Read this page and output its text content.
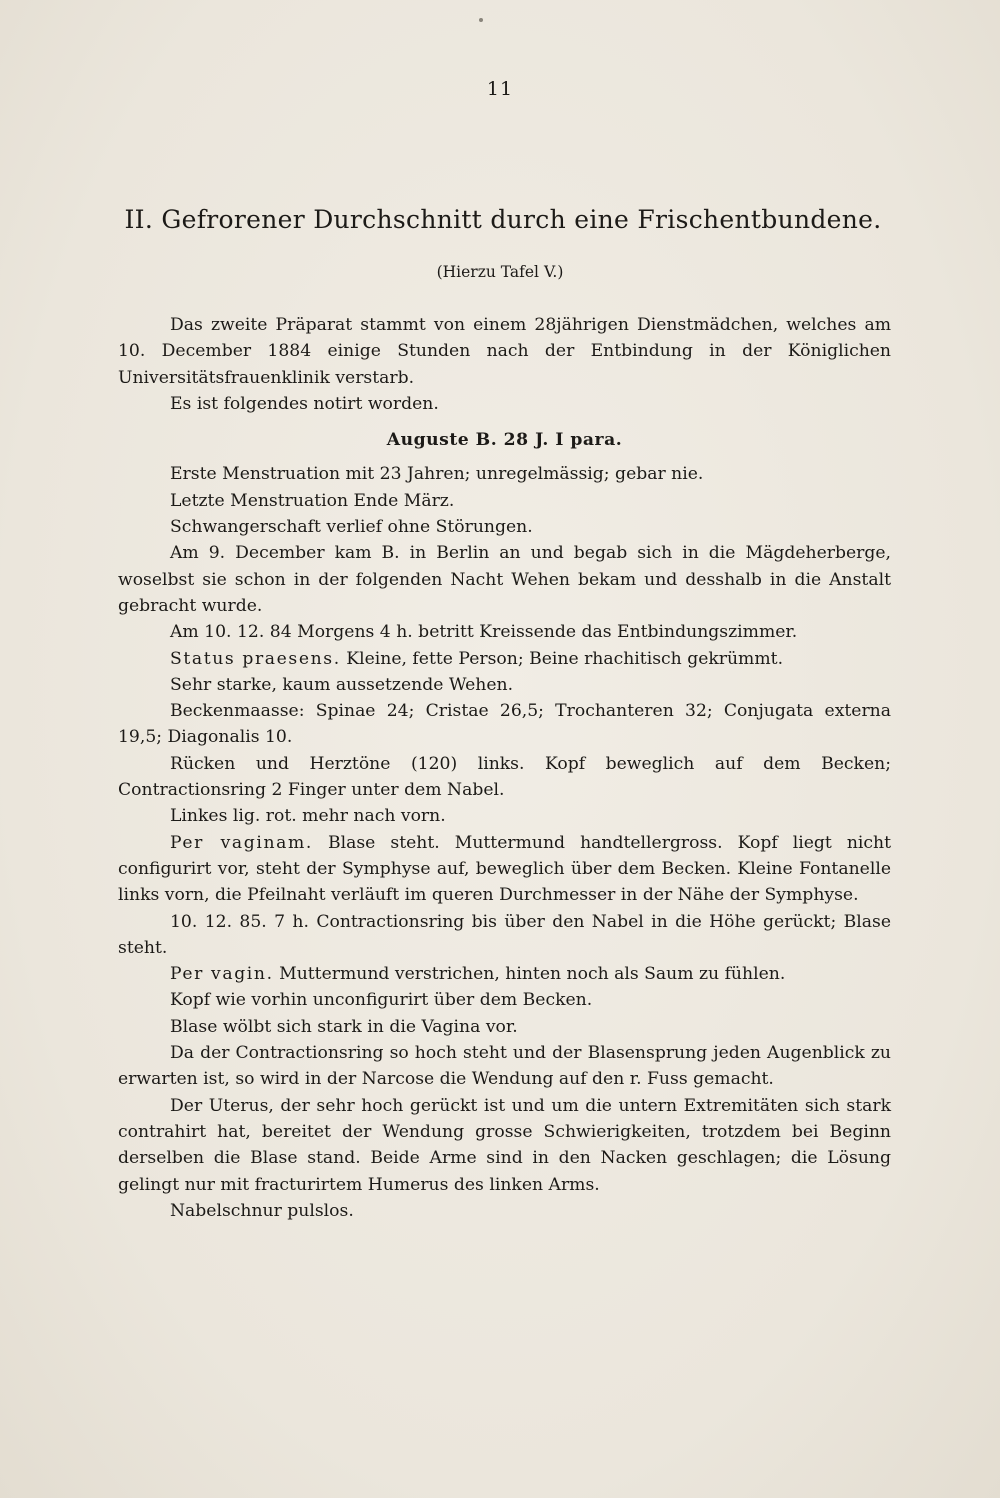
11
II. Gefrorener Durchschnitt durch eine Frischentbundene.
(Hierzu Tafel V.)

Das zweite Präparat stammt von einem 28jährigen Dienstmädchen, welches am 10. December 1884 einige Stunden nach der Entbindung in der Königlichen Universitätsfrauenklinik verstarb.

Es ist folgendes notirt worden.

Auguste B. 28 J. I para.

Erste Menstruation mit 23 Jahren; unregelmässig; gebar nie.

Letzte Menstruation Ende März.

Schwangerschaft verlief ohne Störungen.

Am 9. December kam B. in Berlin an und begab sich in die Mägdeherberge, woselbst sie schon in der folgenden Nacht Wehen bekam und desshalb in die Anstalt gebracht wurde.

Am 10. 12. 84 Morgens 4 h. betritt Kreissende das Entbindungszimmer.

Status praesens. Kleine, fette Person; Beine rhachitisch gekrümmt.

Sehr starke, kaum aussetzende Wehen.

Beckenmaasse: Spinae 24; Cristae 26,5; Trochanteren 32; Conjugata externa 19,5; Diagonalis 10.

Rücken und Herztöne (120) links. Kopf beweglich auf dem Becken; Contractionsring 2 Finger unter dem Nabel.

Linkes lig. rot. mehr nach vorn.

Per vaginam. Blase steht. Muttermund handtellergross. Kopf liegt nicht configurirt vor, steht der Symphyse auf, beweglich über dem Becken. Kleine Fontanelle links vorn, die Pfeilnaht verläuft im queren Durchmesser in der Nähe der Symphyse.

10. 12. 85. 7 h. Contractionsring bis über den Nabel in die Höhe gerückt; Blase steht.

Per vagin. Muttermund verstrichen, hinten noch als Saum zu fühlen.

Kopf wie vorhin unconfigurirt über dem Becken.

Blase wölbt sich stark in die Vagina vor.

Da der Contractionsring so hoch steht und der Blasensprung jeden Augenblick zu erwarten ist, so wird in der Narcose die Wendung auf den r. Fuss gemacht.

Der Uterus, der sehr hoch gerückt ist und um die untern Extremitäten sich stark contrahirt hat, bereitet der Wendung grosse Schwierigkeiten, trotzdem bei Beginn derselben die Blase stand. Beide Arme sind in den Nacken geschlagen; die Lösung gelingt nur mit fracturirtem Humerus des linken Arms.

Nabelschnur pulslos.
